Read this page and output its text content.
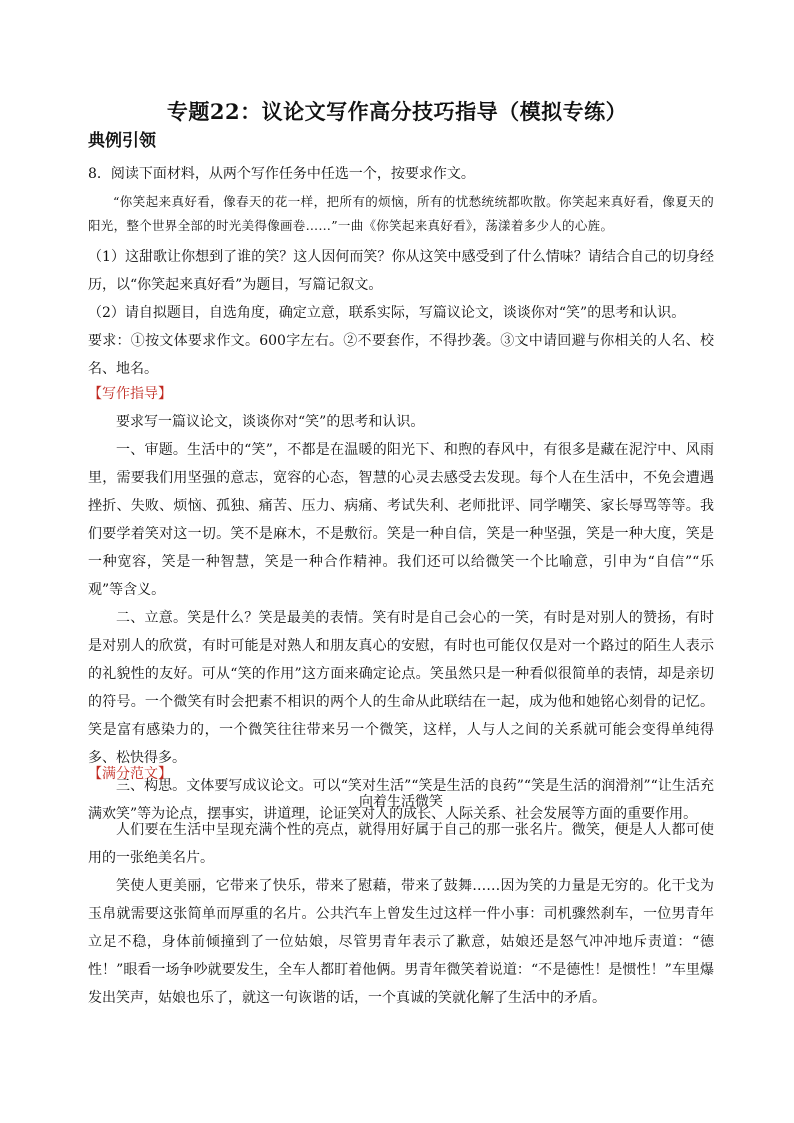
专题22：议论文写作高分技巧指导（模拟专练）
典例引领

8．阅读下面材料，从两个写作任务中任选一个，按要求作文。

“你笑起来真好看，像春天的花一样，把所有的烦恼，所有的忧愁统统都吹散。你笑起来真好看，像夏天的阳光，整个世界全部的时光美得像画卷……”一曲《你笑起来真好看》，荡漾着多少人的心旌。

（1）这甜歌让你想到了谁的笑？这人因何而笑？你从这笑中感受到了什么情味？请结合自己的切身经历，以“你笑起来真好看”为题目，写篇记叙文。

（2）请自拟题目，自选角度，确定立意，联系实际，写篇议论文，谈谈你对“笑”的思考和认识。

要求：①按文体要求作文。600字左右。②不要套作，不得抄袭。③文中请回避与你相关的人名、校名、地名。

【写作指导】

要求写一篇议论文，谈谈你对“笑”的思考和认识。

一、审题。生活中的“笑”，不都是在温暖的阳光下、和煦的春风中，有很多是藏在泥泞中、风雨里，需要我们用坚强的意志，宽容的心态，智慧的心灵去感受去发现。每个人在生活中，不免会遭遇挫折、失败、烦恼、孤独、痛苦、压力、病痛、考试失利、老师批评、同学嘲笑、家长辱骂等等。我们要学着笑对这一切。笑不是麻木，不是敷衍。笑是一种自信，笑是一种坚强，笑是一种大度，笑是一种宽容，笑是一种智慧，笑是一种合作精神。我们还可以给微笑一个比喻意，引申为“自信”“乐观”等含义。

二、立意。笑是什么？笑是最美的表情。笑有时是自己会心的一笑，有时是对别人的赞扬，有时是对别人的欣赏，有时可能是对熟人和朋友真心的安慰，有时也可能仅仅是对一个路过的陌生人表示的礼貌性的友好。可从“笑的作用”这方面来确定论点。笑虽然只是一种看似很简单的表情，却是亲切的符号。一个微笑有时会把素不相识的两个人的生命从此联结在一起，成为他和她铭心刻骨的记忆。笑是富有感染力的，一个微笑往往带来另一个微笑，这样，人与人之间的关系就可能会变得单纯得多、松快得多。

三、构思。文体要写成议论文。可以“笑对生活”“笑是生活的良药”“笑是生活的润滑剂”“让生活充满欢笑”等为论点，摆事实，讲道理，论证笑对人的成长、人际关系、社会发展等方面的重要作用。

【满分范文】

向着生活微笑

人们要在生活中呈现充满个性的亮点，就得用好属于自己的那一张名片。微笑，便是人人都可使用的一张绝美名片。

笑使人更美丽，它带来了快乐，带来了慰藉，带来了鼓舞……因为笑的力量是无穷的。化干戈为玉帛就需要这张简单而厚重的名片。公共汽车上曾发生过这样一件小事：司机骤然刹车，一位男青年立足不稳，身体前倾撞到了一位姑娘，尽管男青年表示了歉意，姑娘还是怒气冲冲地斥责道：“德性！”眼看一场争吵就要发生，全车人都盯着他俩。男青年微笑着说道：“不是德性！是惯性！”车里爆发出笑声，姑娘也乐了，就这一句诙谐的话，一个真诚的笑就化解了生活中的矛盾。
